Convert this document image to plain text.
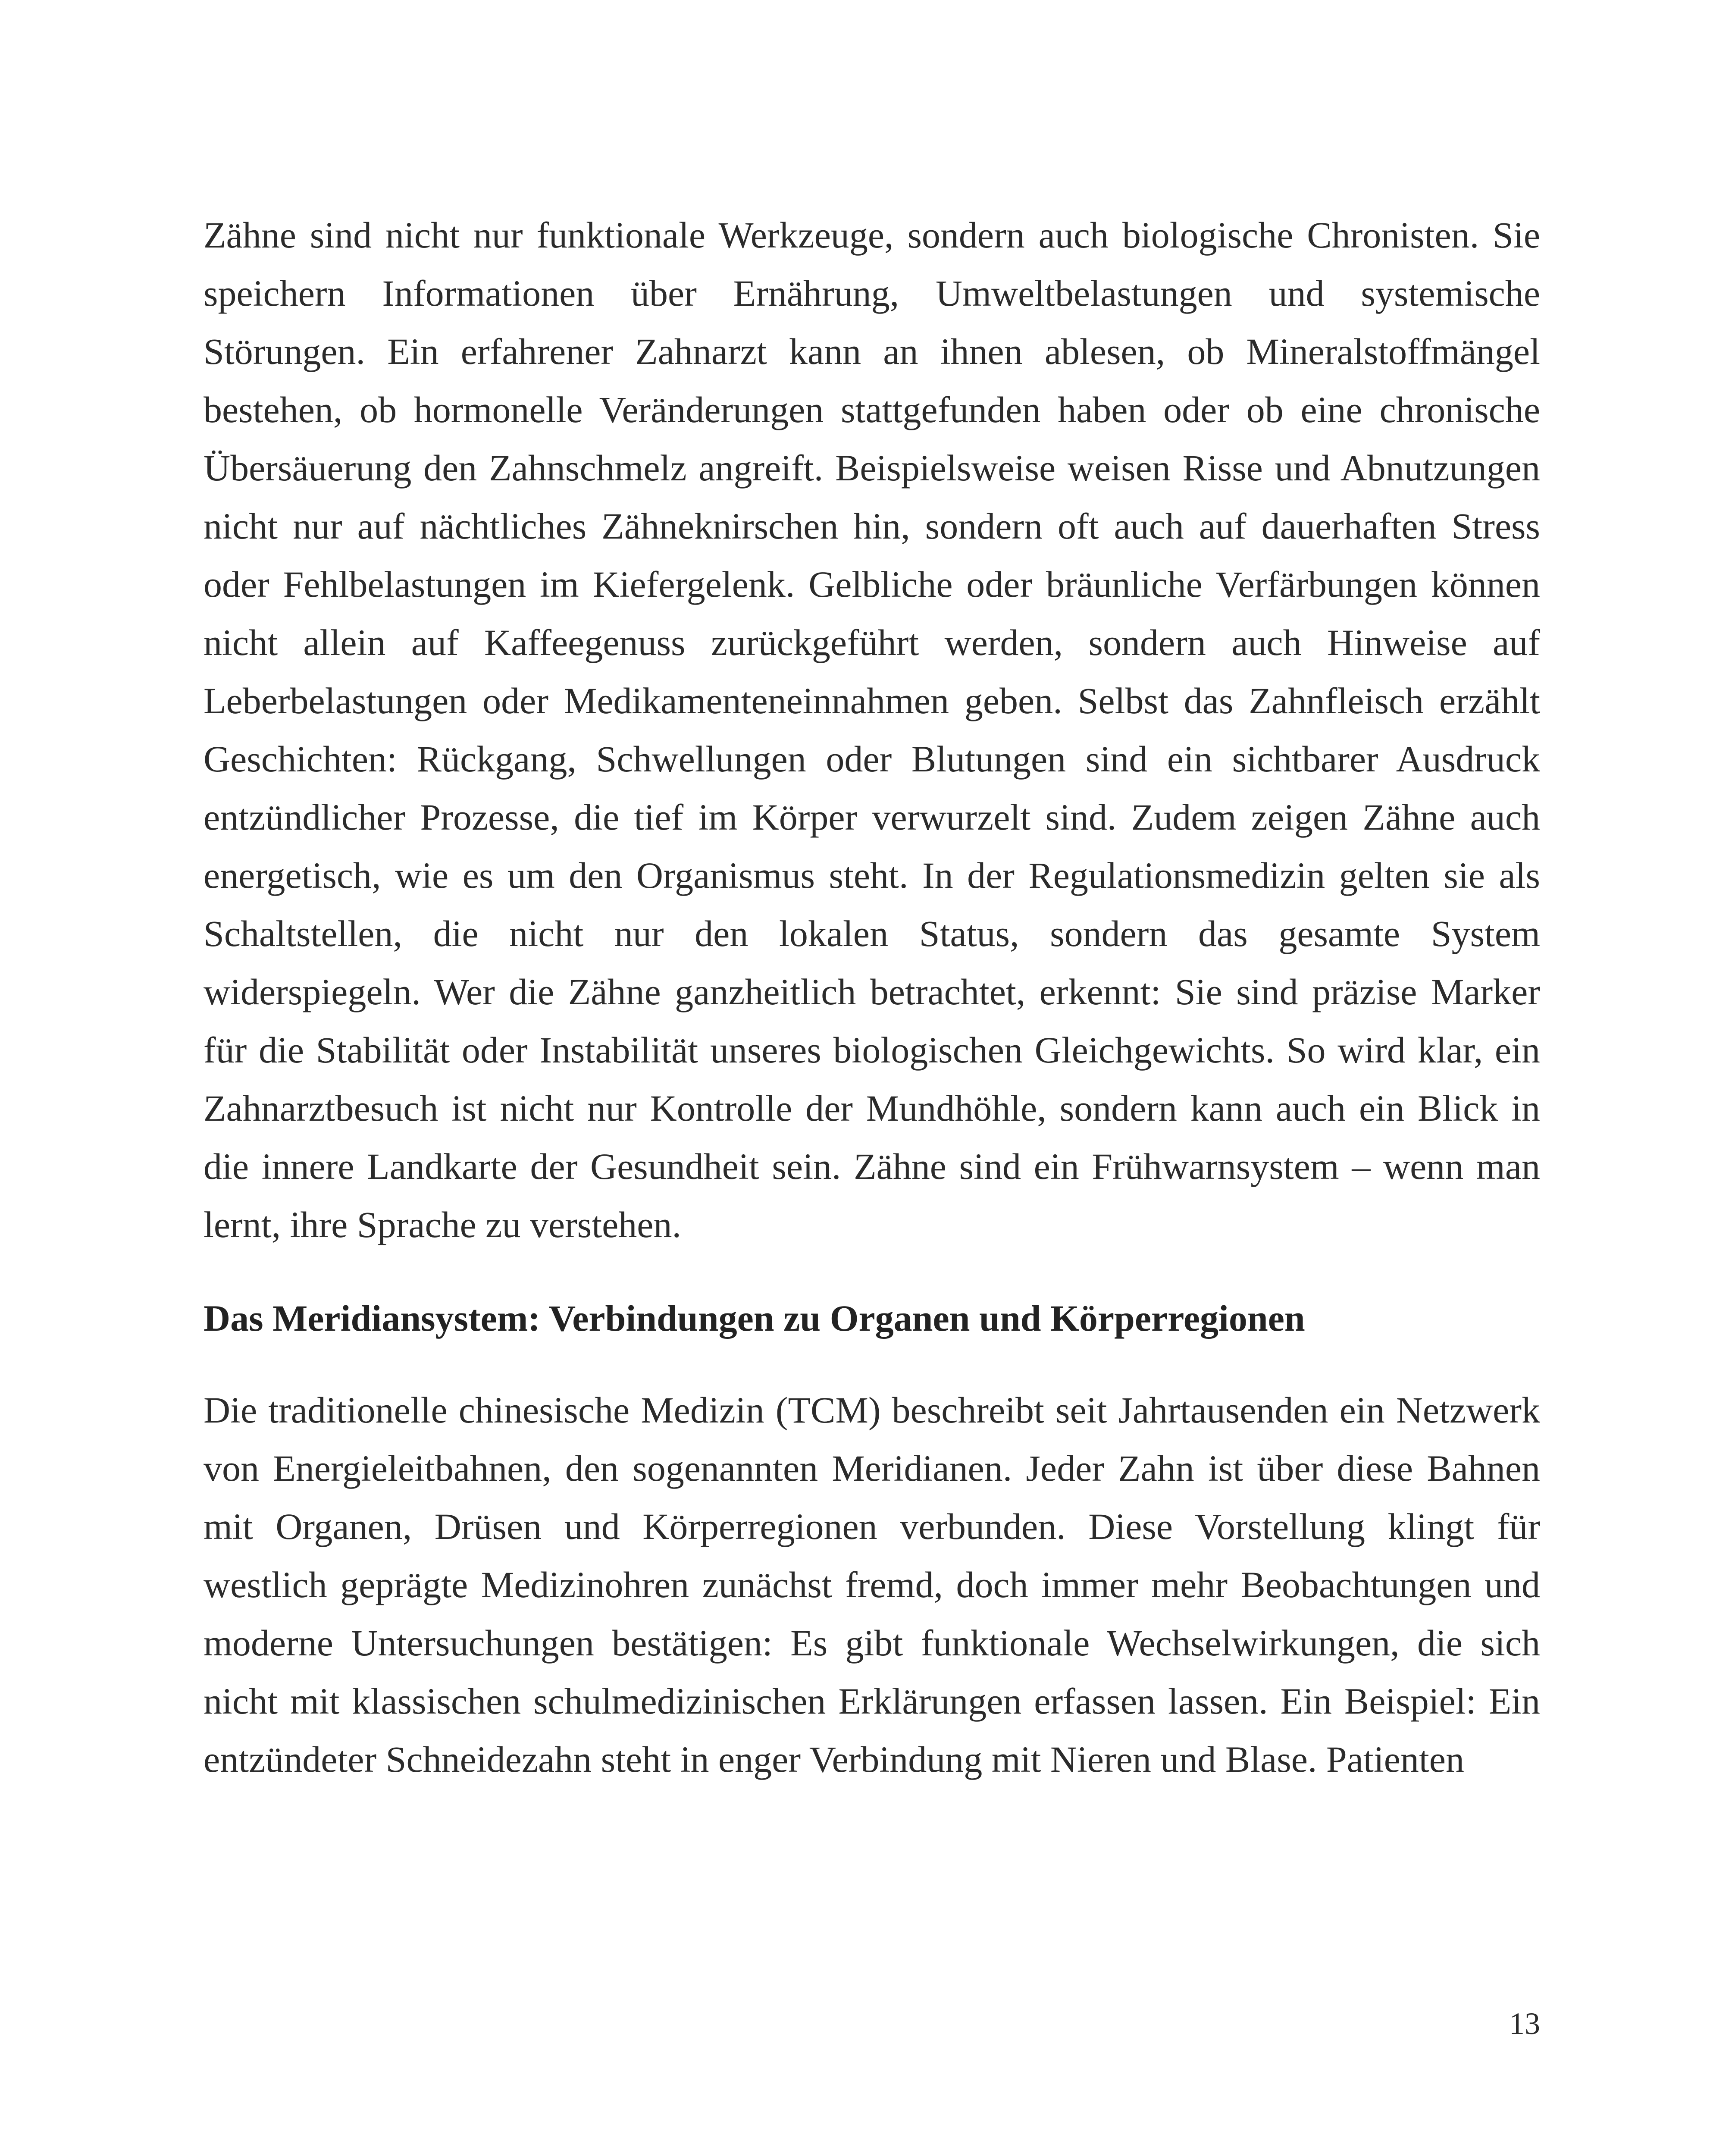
Zähne sind nicht nur funktionale Werkzeuge, sondern auch biologische Chronisten. Sie speichern Informationen über Ernährung, Umweltbelastungen und systemische Störungen. Ein erfahrener Zahnarzt kann an ihnen ablesen, ob Mineralstoffmängel bestehen, ob hormonelle Veränderungen stattgefunden haben oder ob eine chronische Übersäuerung den Zahnschmelz angreift. Beispielsweise weisen Risse und Abnutzungen nicht nur auf nächtliches Zähneknirschen hin, sondern oft auch auf dauerhaften Stress oder Fehlbelastungen im Kiefergelenk. Gelbliche oder bräunliche Verfärbungen können nicht allein auf Kaffeegenuss zurückgeführt werden, sondern auch Hinweise auf Leberbelastungen oder Medikamenteneinnahmen geben. Selbst das Zahnfleisch erzählt Geschichten: Rückgang, Schwellungen oder Blutungen sind ein sichtbarer Ausdruck entzündlicher Prozesse, die tief im Körper verwurzelt sind. Zudem zeigen Zähne auch energetisch, wie es um den Organismus steht. In der Regulationsmedizin gelten sie als Schaltstellen, die nicht nur den lokalen Status, sondern das gesamte System widerspiegeln. Wer die Zähne ganzheitlich betrachtet, erkennt: Sie sind präzise Marker für die Stabilität oder Instabilität unseres biologischen Gleichgewichts. So wird klar, ein Zahnarztbesuch ist nicht nur Kontrolle der Mundhöhle, sondern kann auch ein Blick in die innere Landkarte der Gesundheit sein. Zähne sind ein Frühwarnsystem – wenn man lernt, ihre Sprache zu verstehen.

Das Meridiansystem: Verbindungen zu Organen und Körperregionen

Die traditionelle chinesische Medizin (TCM) beschreibt seit Jahrtausenden ein Netzwerk von Energieleitbahnen, den sogenannten Meridianen. Jeder Zahn ist über diese Bahnen mit Organen, Drüsen und Körperregionen verbunden. Diese Vorstellung klingt für westlich geprägte Medizinohren zunächst fremd, doch immer mehr Beobachtungen und moderne Untersuchungen bestätigen: Es gibt funktionale Wechselwirkungen, die sich nicht mit klassischen schulmedizinischen Erklärungen erfassen lassen. Ein Beispiel: Ein entzündeter Schneidezahn steht in enger Verbindung mit Nieren und Blase. Patienten

13
